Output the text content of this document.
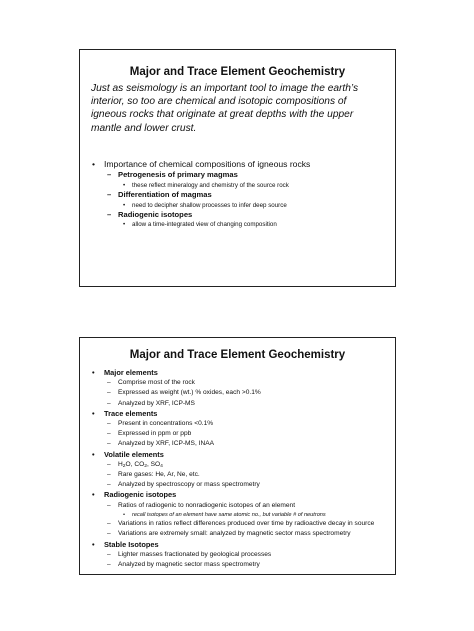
Major and Trace Element Geochemistry
Just as seismology is an important tool to image the earth’s
interior, so too are chemical and isotopic compositions of
igneous rocks that originate at great depths with the upper
mantle and lower crust.
• Importance of chemical compositions of igneous rocks
– Petrogenesis of primary magmas
• these reflect mineralogy and chemistry of the source rock
– Differentiation of magmas
• need to decipher shallow processes to infer deep source
– Radiogenic isotopes
• allow a time-integrated view of changing composition
Major and Trace Element Geochemistry
• Major elements
– Comprise most of the rock
– Expressed as weight (wt.) % oxides, each >0.1%
– Analyzed by XRF, ICP-MS
• Trace elements
– Present in concentrations <0.1%
– Expressed in ppm or ppb
– Analyzed by XRF, ICP-MS, INAA
• Volatile elements
– $H_2O$, $CO_2$, $SO_4$
– Rare gases: He, Ar, Ne, etc.
– Analyzed by spectroscopy or mass spectrometry
• Radiogenic isotopes
– Ratios of radiogenic to nonradiogenic isotopes of an element
• recall isotopes of an element have same atomic no., but variable # of neutrons
– Variations in ratios reflect differences produced over time by radioactive decay in source
– Variations are extremely small: analyzed by magnetic sector mass spectrometry
• Stable Isotopes
– Lighter masses fractionated by geological processes
– Analyzed by magnetic sector mass spectrometry
